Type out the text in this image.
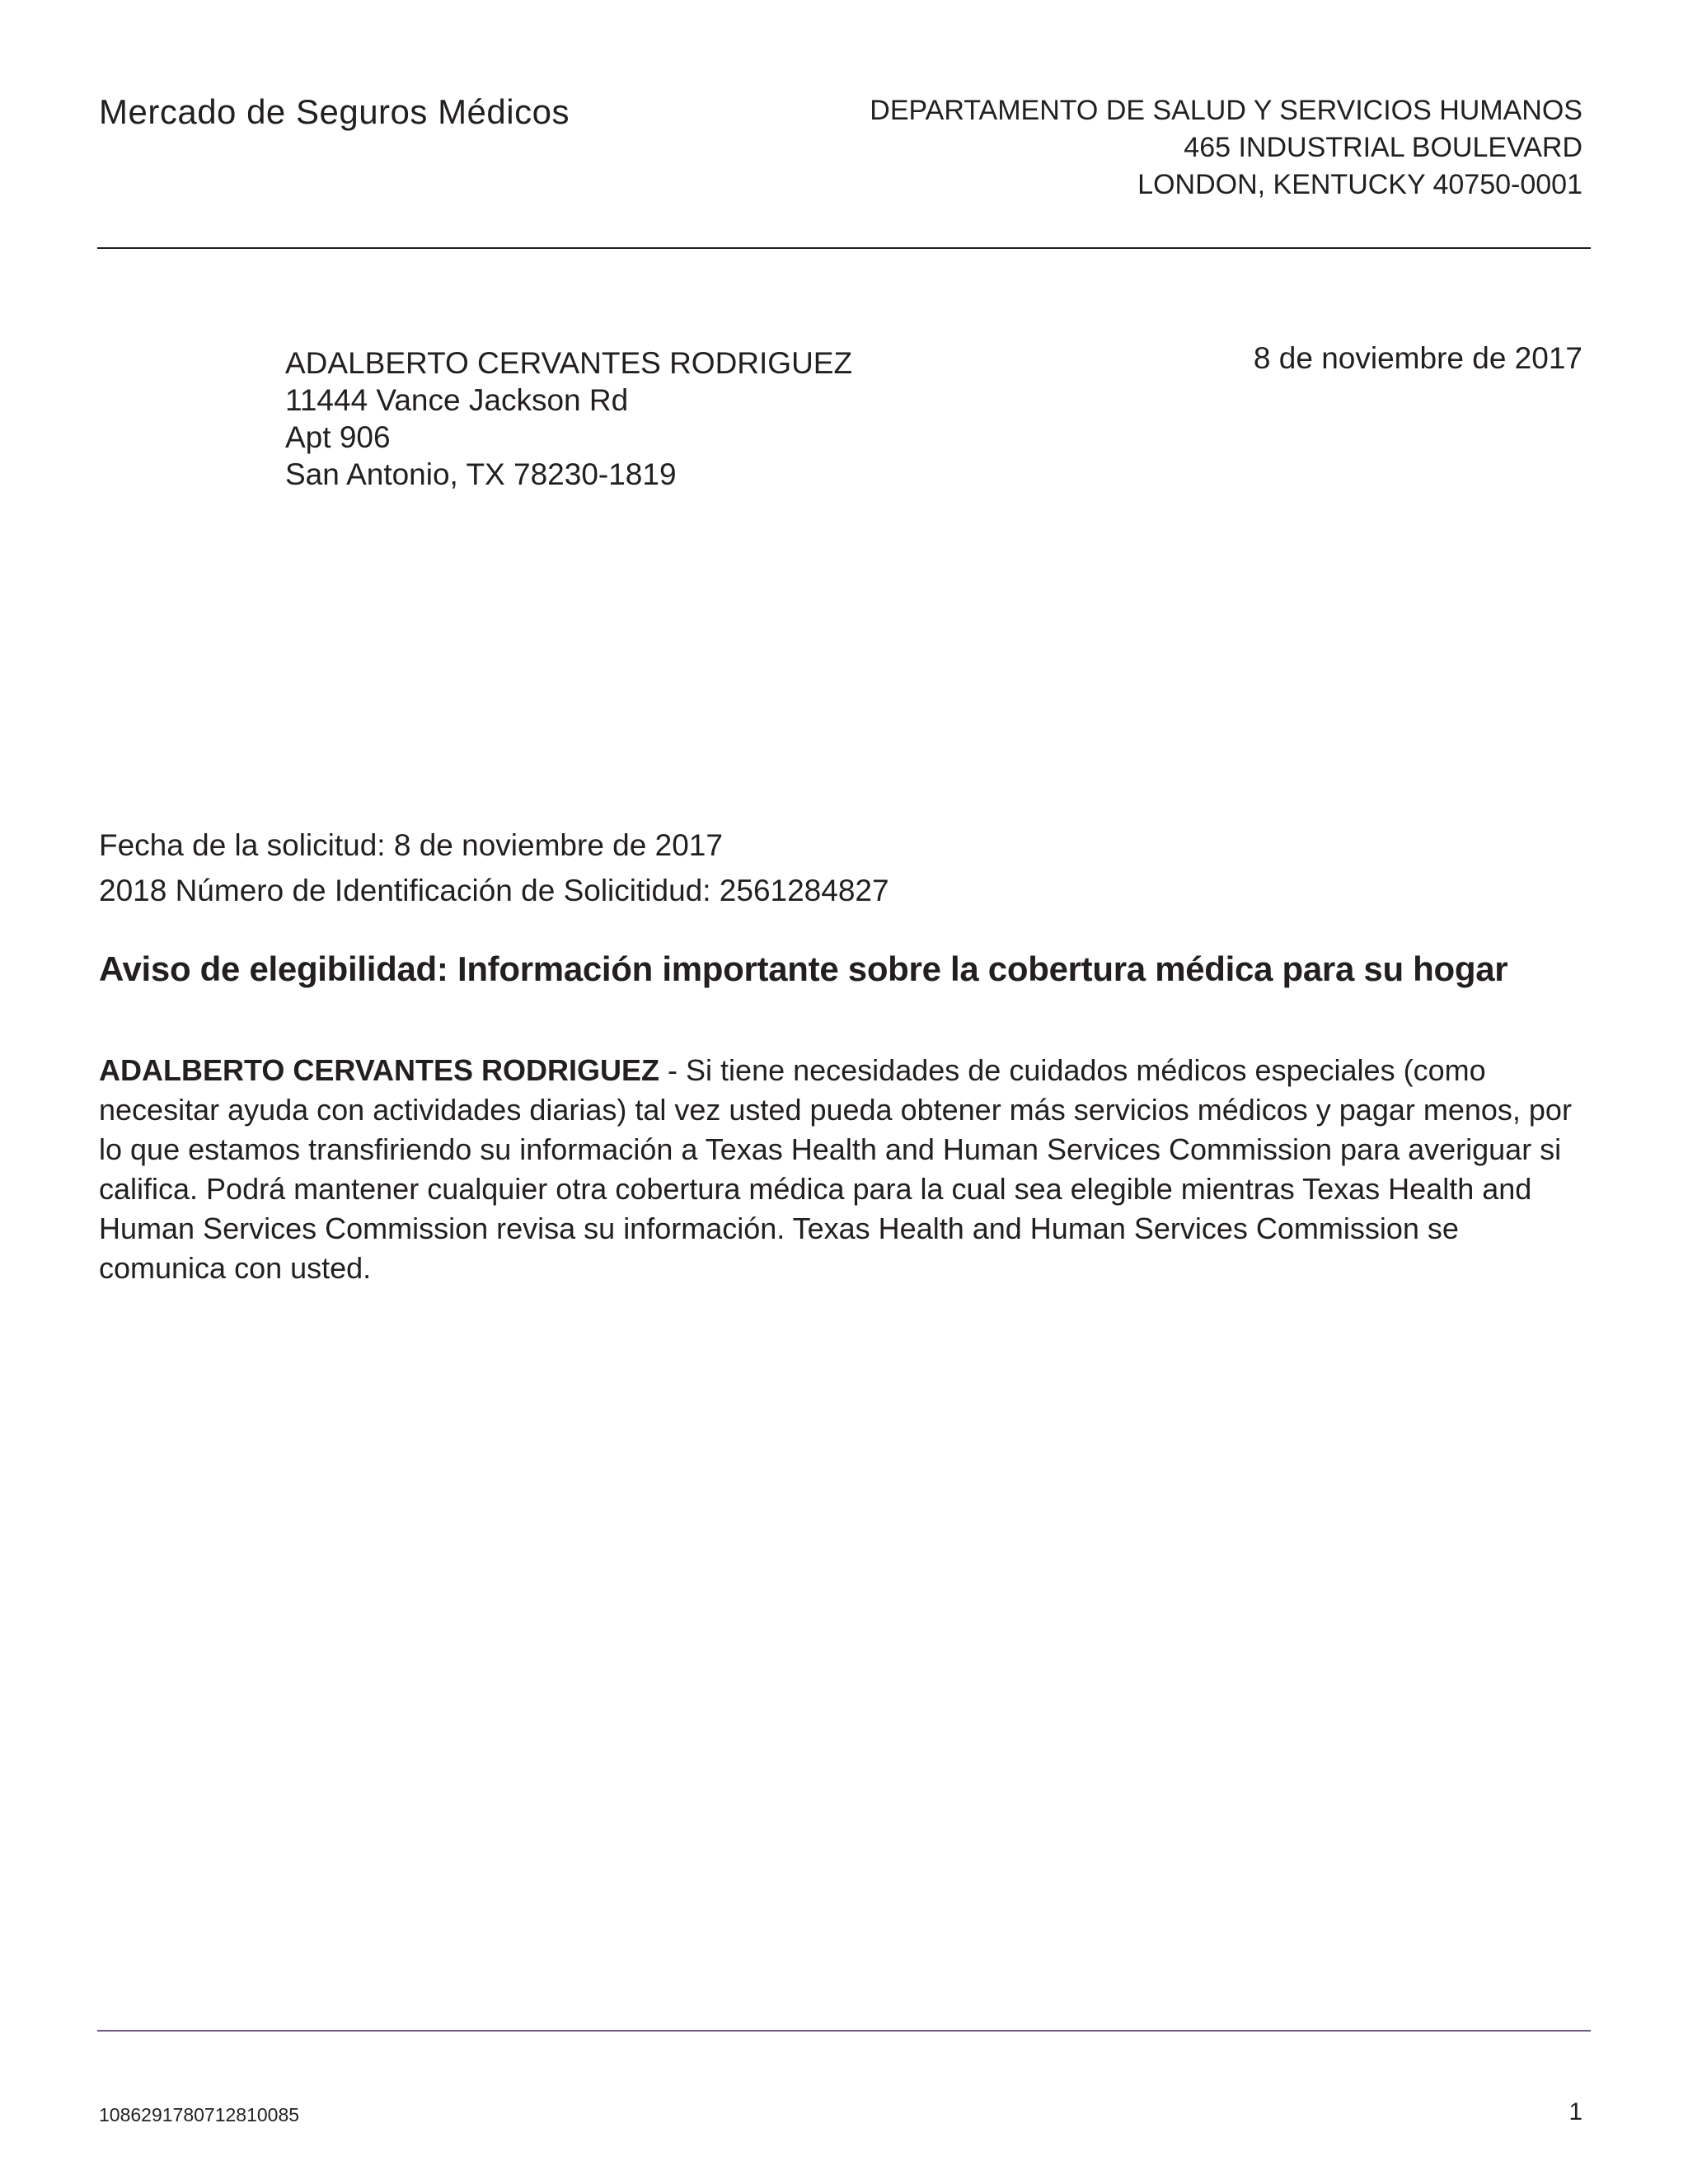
Mercado de Seguros Médicos	DEPARTAMENTO DE SALUD Y SERVICIOS HUMANOS
465 INDUSTRIAL BOULEVARD
LONDON, KENTUCKY 40750-0001
ADALBERTO CERVANTES RODRIGUEZ
11444 Vance Jackson Rd
Apt 906
San Antonio, TX 78230-1819
8 de noviembre de 2017
Fecha de la solicitud: 8 de noviembre de 2017
2018 Número de Identificación de Solicitidud: 2561284827
Aviso de elegibilidad: Información importante sobre la cobertura médica para su hogar
ADALBERTO CERVANTES RODRIGUEZ - Si tiene necesidades de cuidados médicos especiales (como necesitar ayuda con actividades diarias) tal vez usted pueda obtener más servicios médicos y pagar menos, por lo que estamos transfiriendo su información a Texas Health and Human Services Commission para averiguar si califica. Podrá mantener cualquier otra cobertura médica para la cual sea elegible mientras Texas Health and Human Services Commission revisa su información. Texas Health and Human Services Commission se comunica con usted.
1086291780712810085	1
